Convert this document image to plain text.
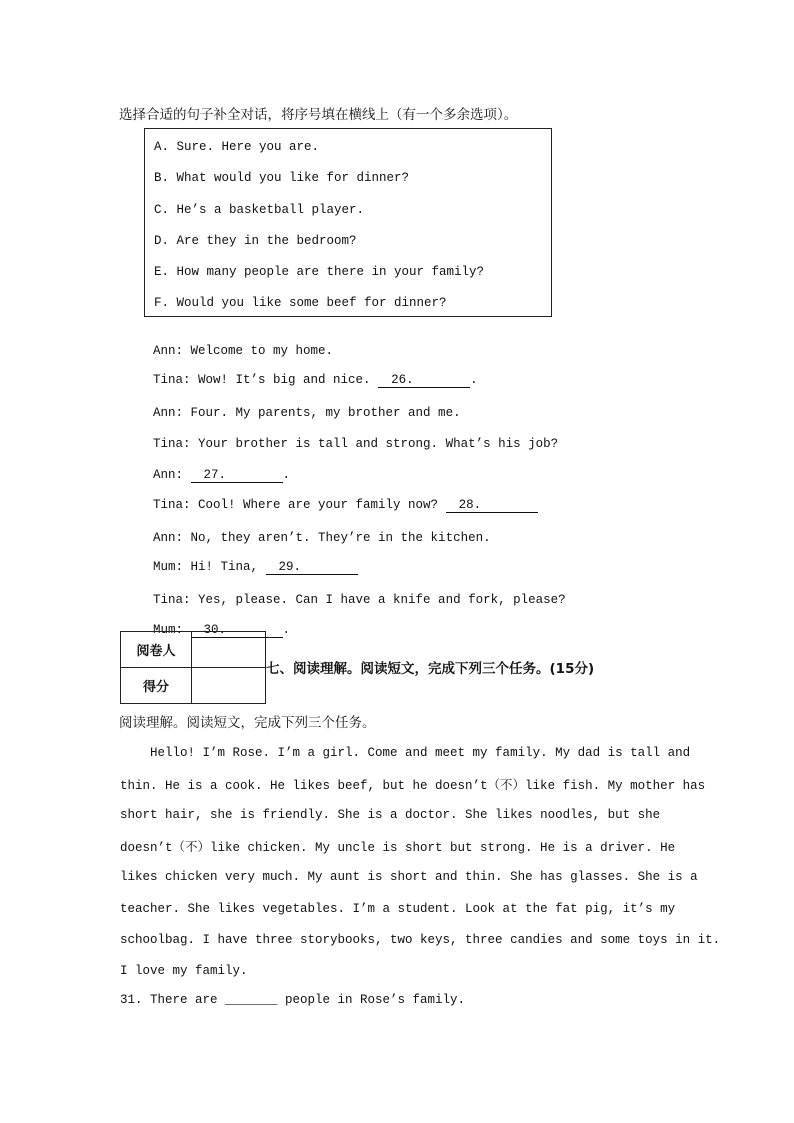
选择合适的句子补全对话，将序号填在横线上（有一个多余选项）。
A. Sure. Here you are.
B. What would you like for dinner?
C. He’s a basketball player.
D. Are they in the bedroom?
E. How many people are there in your family?
F. Would you like some beef for dinner?

Ann: Welcome to my home.

Tina: Wow! It’s big and nice. 26.	.

Ann: Four. My parents, my brother and me.

Tina: Your brother is tall and strong. What’s his job?

Ann: 27.	.

Tina: Cool! Where are your family now? 28.

Ann: No, they aren’t. They’re in the kitchen.

Mum: Hi! Tina, 29.

Tina: Yes, please. Can I have a knife and fork, please?

Mum: 30.	.

阅卷人	
得分	
七、阅读理解。阅读短文，完成下列三个任务。(15分)
阅读理解。阅读短文，完成下列三个任务。
Hello! I’m Rose. I’m a girl. Come and meet my family. My dad is tall and
thin. He is a cook. He likes beef, but he doesn’t（不）like fish. My mother has
short hair, she is friendly. She is a doctor. She likes noodles, but she
doesn’t（不）like chicken. My uncle is short but strong. He is a driver. He
likes chicken very much. My aunt is short and thin. She has glasses. She is a
teacher. She likes vegetables. I’m a student. Look at the fat pig, it’s my
schoolbag. I have three storybooks, two keys, three candies and some toys in it.
I love my family.
31. There are _______ people in Rose’s family.
